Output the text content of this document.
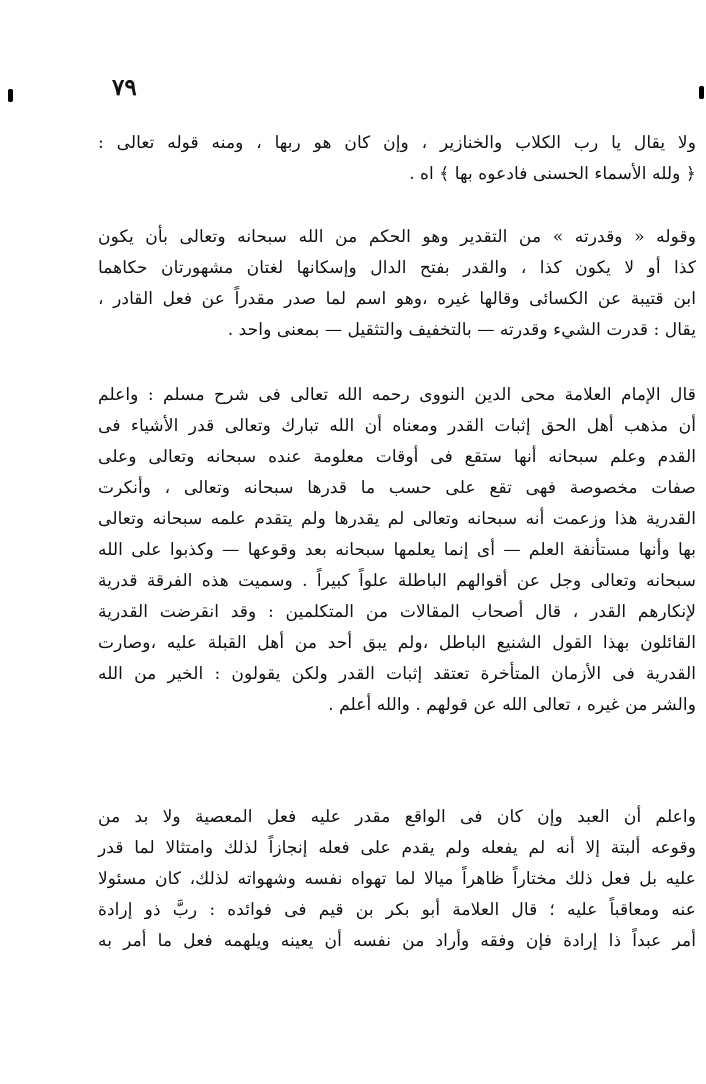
٧٩
ولا يقال يا رب الكلاب والخنازير ، وإن كان هو ربها ، ومنه قوله تعالى :
﴿ ولله الأسماء الحسنى فادعوه بها ﴾ اه .
وقوله « وقدرته » من التقدير وهو الحكم من الله سبحانه وتعالى بأن يكون
كذا أو لا يكون كذا ، والقدر بفتح الدال وإسكانها لغتان مشهورتان حكاهما
ابن قتيبة عن الكسائى وقالها غيره ،وهو اسم لما صدر مقدراً عن فعل القادر ،
يقال : قدرت الشيء وقدرته — بالتخفيف والتثقيل — بمعنى واحد .
قال الإمام العلامة محى الدين النووى رحمه الله تعالى فى شرح مسلم : واعلم
أن مذهب أهل الحق إثبات القدر ومعناه أن الله تبارك وتعالى قدر الأشياء فى
القدم وعلم سبحانه أنها ستقع فى أوقات معلومة عنده سبحانه وتعالى وعلى
صفات مخصوصة فهى تقع على حسب ما قدرها سبحانه وتعالى ، وأنكرت
القدرية هذا وزعمت أنه سبحانه وتعالى لم يقدرها ولم يتقدم علمه سبحانه وتعالى
بها وأنها مستأنفة العلم — أى إنما يعلمها سبحانه بعد وقوعها — وكذبوا على الله
سبحانه وتعالى وجل عن أقوالهم الباطلة علواً كبيراً . وسميت هذه الفرقة قدرية
لإنكارهم القدر ، قال أصحاب المقالات من المتكلمين : وقد انقرضت القدرية
القائلون بهذا القول الشنيع الباطل ،ولم يبق أحد من أهل القبلة عليه ،وصارت
القدرية فى الأزمان المتأخرة تعتقد إثبات القدر ولكن يقولون : الخير من الله
والشر من غيره ، تعالى الله عن قولهم . والله أعلم .
واعلم أن العبد وإن كان فى الواقع مقدر عليه فعل المعصية ولا بد من
وقوعه ألبتة إلا أنه لم يفعله ولم يقدم على فعله إنجازاً لذلك وامتثالا لما قدر
عليه بل فعل ذلك مختاراً ظاهراً ميالا لما تهواه نفسه وشهواته لذلك، كان مسئولا
عنه ومعاقباً عليه ؛ قال العلامة أبو بكر بن قيم فى فوائده : ربَّ ذو إرادة
أمر عبداً ذا إرادة فإن وفقه وأراد من نفسه أن يعينه ويلهمه فعل ما أمر به
